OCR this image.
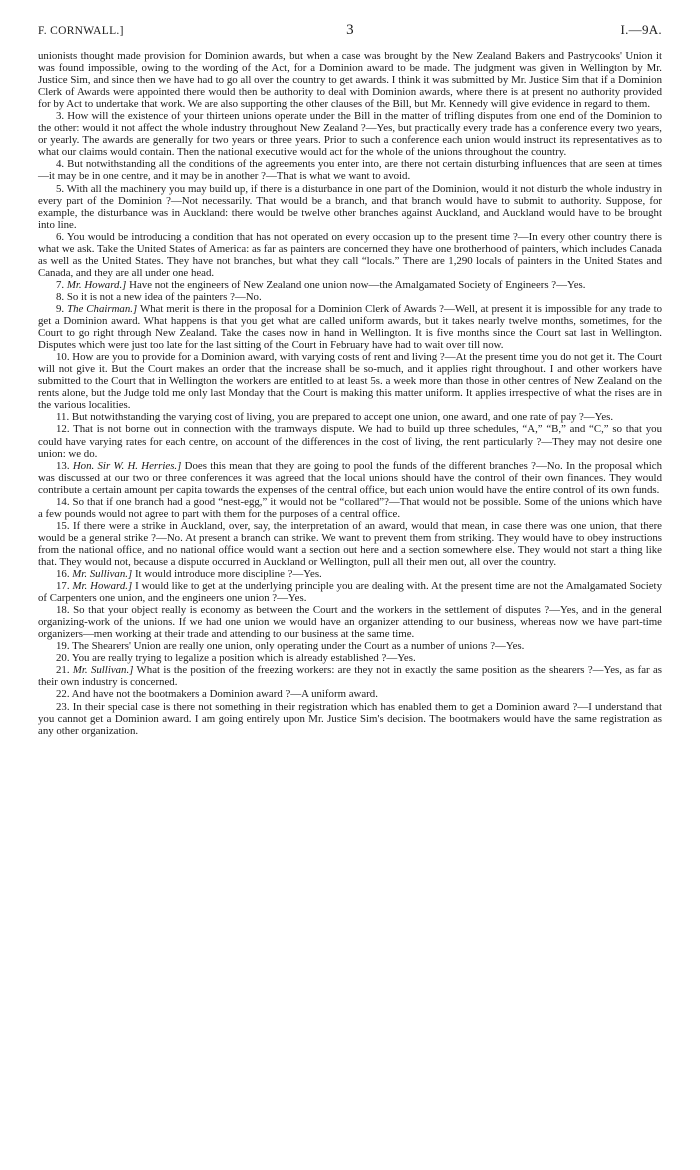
F. CORNWALL.]	3	I.—9A.

unionists thought made provision for Dominion awards, but when a case was brought by the New Zealand Bakers and Pastrycooks' Union it was found impossible, owing to the wording of the Act, for a Dominion award to be made. The judgment was given in Wellington by Mr. Justice Sim, and since then we have had to go all over the country to get awards. I think it was submitted by Mr. Justice Sim that if a Dominion Clerk of Awards were appointed there would then be authority to deal with Dominion awards, where there is at present no authority provided for by Act to undertake that work. We are also supporting the other clauses of the Bill, but Mr. Kennedy will give evidence in regard to them.

3. How will the existence of your thirteen unions operate under the Bill in the matter of trifling disputes from one end of the Dominion to the other: would it not affect the whole industry throughout New Zealand ?—Yes, but practically every trade has a conference every two years, or yearly. The awards are generally for two years or three years. Prior to such a conference each union would instruct its representatives as to what our claims would contain. Then the national executive would act for the whole of the unions throughout the country.

4. But notwithstanding all the conditions of the agreements you enter into, are there not certain disturbing influences that are seen at times—it may be in one centre, and it may be in another ?—That is what we want to avoid.

5. With all the machinery you may build up, if there is a disturbance in one part of the Dominion, would it not disturb the whole industry in every part of the Dominion ?—Not necessarily. That would be a branch, and that branch would have to submit to authority. Suppose, for example, the disturbance was in Auckland: there would be twelve other branches against Auckland, and Auckland would have to be brought into line.

6. You would be introducing a condition that has not operated on every occasion up to the present time ?—In every other country there is what we ask. Take the United States of America: as far as painters are concerned they have one brotherhood of painters, which includes Canada as well as the United States. They have not branches, but what they call “locals.” There are 1,290 locals of painters in the United States and Canada, and they are all under one head.

7. Mr. Howard.] Have not the engineers of New Zealand one union now—the Amalgamated Society of Engineers ?—Yes.

8. So it is not a new idea of the painters ?—No.

9. The Chairman.] What merit is there in the proposal for a Dominion Clerk of Awards ?—Well, at present it is impossible for any trade to get a Dominion award. What happens is that you get what are called uniform awards, but it takes nearly twelve months, sometimes, for the Court to go right through New Zealand. Take the cases now in hand in Wellington. It is five months since the Court sat last in Wellington. Disputes which were just too late for the last sitting of the Court in February have had to wait over till now.

10. How are you to provide for a Dominion award, with varying costs of rent and living ?—At the present time you do not get it. The Court will not give it. But the Court makes an order that the increase shall be so-much, and it applies right throughout. I and other workers have submitted to the Court that in Wellington the workers are entitled to at least 5s. a week more than those in other centres of New Zealand on the rents alone, but the Judge told me only last Monday that the Court is making this matter uniform. It applies irrespective of what the rises are in the various localities.

11. But notwithstanding the varying cost of living, you are prepared to accept one union, one award, and one rate of pay ?—Yes.

12. That is not borne out in connection with the tramways dispute. We had to build up three schedules, “A,” “B,” and “C,” so that you could have varying rates for each centre, on account of the differences in the cost of living, the rent particularly ?—They may not desire one union: we do.

13. Hon. Sir W. H. Herries.] Does this mean that they are going to pool the funds of the different branches ?—No. In the proposal which was discussed at our two or three conferences it was agreed that the local unions should have the control of their own finances. They would contribute a certain amount per capita towards the expenses of the central office, but each union would have the entire control of its own funds.

14. So that if one branch had a good “nest-egg,” it would not be “collared”?—That would not be possible. Some of the unions which have a few pounds would not agree to part with them for the purposes of a central office.

15. If there were a strike in Auckland, over, say, the interpretation of an award, would that mean, in case there was one union, that there would be a general strike ?—No. At present a branch can strike. We want to prevent them from striking. They would have to obey instructions from the national office, and no national office would want a section out here and a section somewhere else. They would not start a thing like that. They would not, because a dispute occurred in Auckland or Wellington, pull all their men out, all over the country.

16. Mr. Sullivan.] It would introduce more discipline ?—Yes.

17. Mr. Howard.] I would like to get at the underlying principle you are dealing with. At the present time are not the Amalgamated Society of Carpenters one union, and the engineers one union ?—Yes.

18. So that your object really is economy as between the Court and the workers in the settlement of disputes ?—Yes, and in the general organizing-work of the unions. If we had one union we would have an organizer attending to our business, whereas now we have part-time organizers—men working at their trade and attending to our business at the same time.

19. The Shearers' Union are really one union, only operating under the Court as a number of unions ?—Yes.

20. You are really trying to legalize a position which is already established ?—Yes.

21. Mr. Sullivan.] What is the position of the freezing workers: are they not in exactly the same position as the shearers ?—Yes, as far as their own industry is concerned.

22. And have not the bootmakers a Dominion award ?—A uniform award.

23. In their special case is there not something in their registration which has enabled them to get a Dominion award ?—I understand that you cannot get a Dominion award. I am going entirely upon Mr. Justice Sim's decision. The bootmakers would have the same registration as any other organization.
